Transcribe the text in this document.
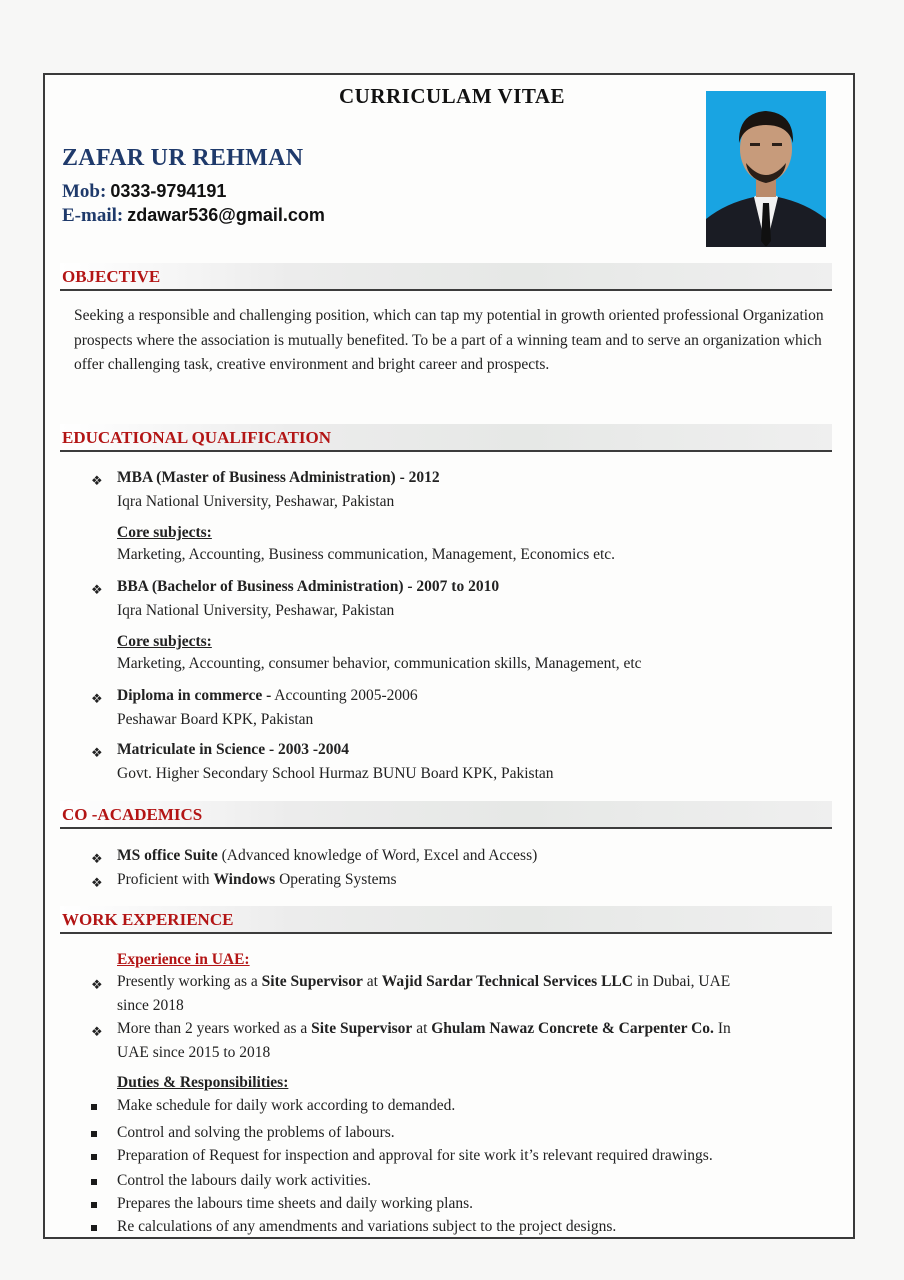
CURRICULAM VITAE
ZAFAR UR REHMAN
Mob: 0333-9794191
E-mail: zdawar536@gmail.com
OBJECTIVE
Seeking a responsible and challenging position, which can tap my potential in growth oriented professional Organization prospects where the association is mutually benefited. To be a part of a winning team and to serve an organization which offer challenging task, creative environment and bright career and prospects.
EDUCATIONAL QUALIFICATION
❖ MBA (Master of Business Administration) - 2012
Iqra National University, Peshawar, Pakistan
Core subjects:
Marketing, Accounting, Business communication, Management, Economics etc.
❖ BBA (Bachelor of Business Administration) - 2007 to 2010
Iqra National University, Peshawar, Pakistan
Core subjects:
Marketing, Accounting, consumer behavior, communication skills, Management, etc
❖ Diploma in commerce - Accounting 2005-2006
Peshawar Board KPK, Pakistan
❖ Matriculate in Science - 2003 -2004
Govt. Higher Secondary School Hurmaz BUNU Board KPK, Pakistan
CO -ACADEMICS
❖ MS office Suite (Advanced knowledge of Word, Excel and Access)
❖ Proficient with Windows Operating Systems
WORK EXPERIENCE
Experience in UAE:
❖ Presently working as a Site Supervisor at Wajid Sardar Technical Services LLC in Dubai, UAE
since 2018
❖ More than 2 years worked as a Site Supervisor at Ghulam Nawaz Concrete & Carpenter Co. In
UAE since 2015 to 2018
Duties & Responsibilities:
Make schedule for daily work according to demanded.
Control and solving the problems of labours.
Preparation of Request for inspection and approval for site work it’s relevant required drawings.
Control the labours daily work activities.
Prepares the labours time sheets and daily working plans.
Re calculations of any amendments and variations subject to the project designs.
